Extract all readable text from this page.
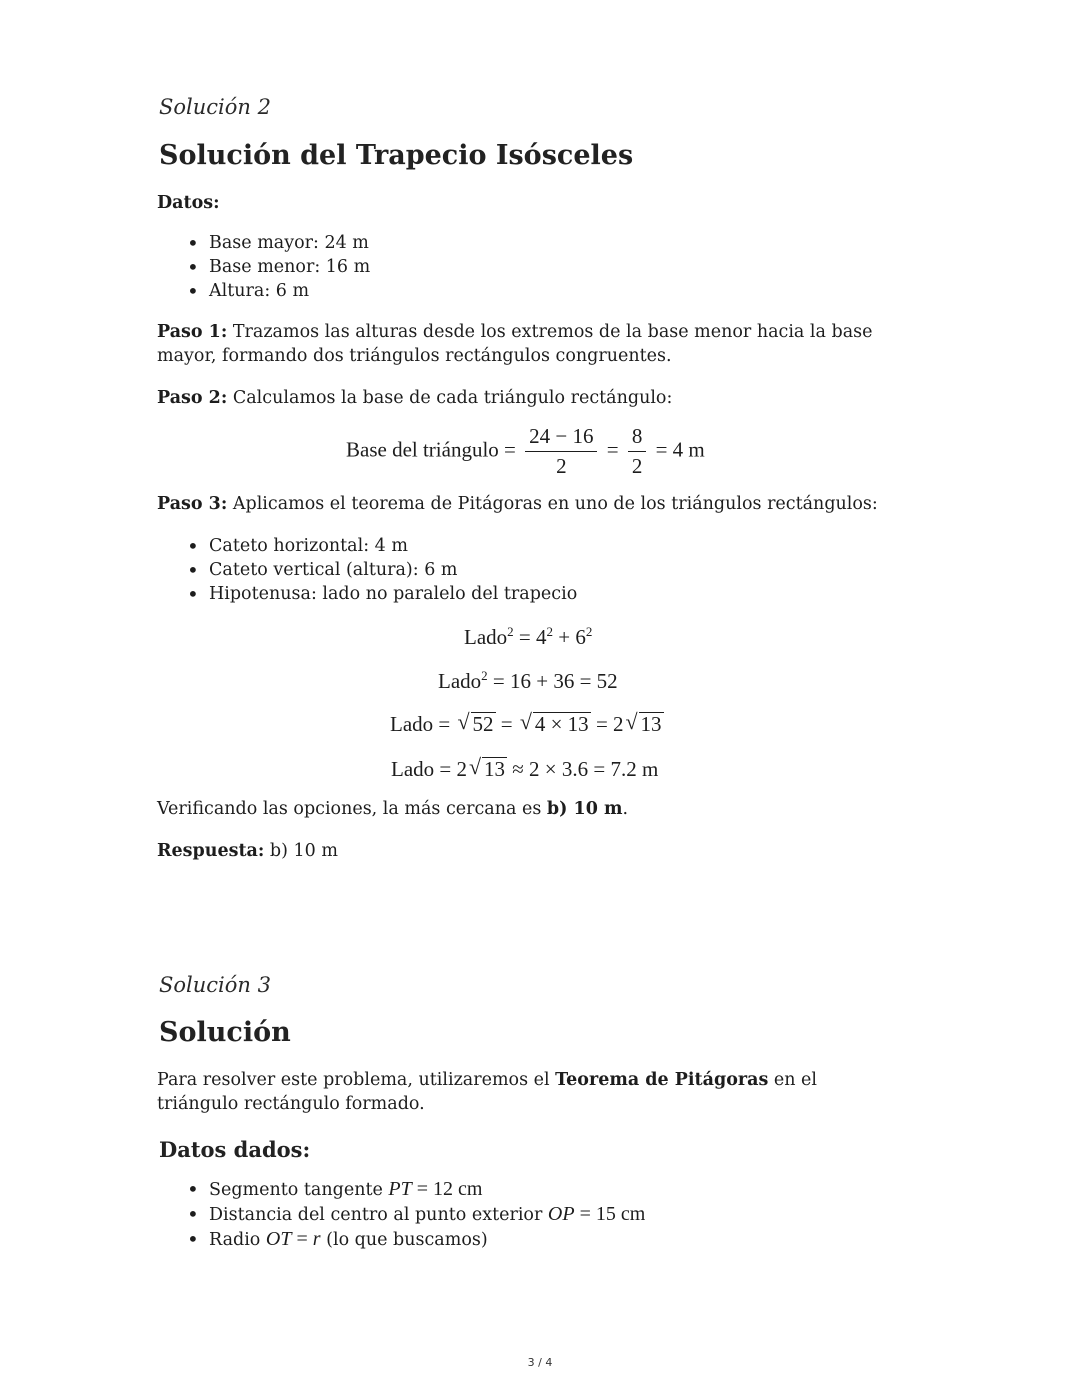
Solución 2
Solución del Trapecio Isósceles
Datos:
• Base mayor: 24 m
• Base menor: 16 m
• Altura: 6 m
Paso 1: Trazamos las alturas desde los extremos de la base menor hacia la base mayor, formando dos triángulos rectángulos congruentes.
Paso 2: Calculamos la base de cada triángulo rectángulo:
Base del triángulo = $\frac{24 - 16}{2} = \frac{8}{2} = 4$ m
Paso 3: Aplicamos el teorema de Pitágoras en uno de los triángulos rectángulos:
• Cateto horizontal: 4 m
• Cateto vertical (altura): 6 m
• Hipotenusa: lado no paralelo del trapecio
Lado$^2$ = $4^2 + 6^2$
Lado$^2$ = 16 + 36 = 52
Lado = √ 52 = √ 4 × 13 = 2 √ 13
Lado = 2 √ 13 ≈ 2 × 3.6 = 7.2 m
Verificando las opciones, la más cercana es b) 10 m.
Respuesta: b) 10 m
Solución 3
Solución
Para resolver este problema, utilizaremos el Teorema de Pitágoras en el triángulo rectángulo formado.
Datos dados:
• Segmento tangente PT = 12 cm
• Distancia del centro al punto exterior OP = 15 cm
• Radio OT = r (lo que buscamos)
3 / 4
